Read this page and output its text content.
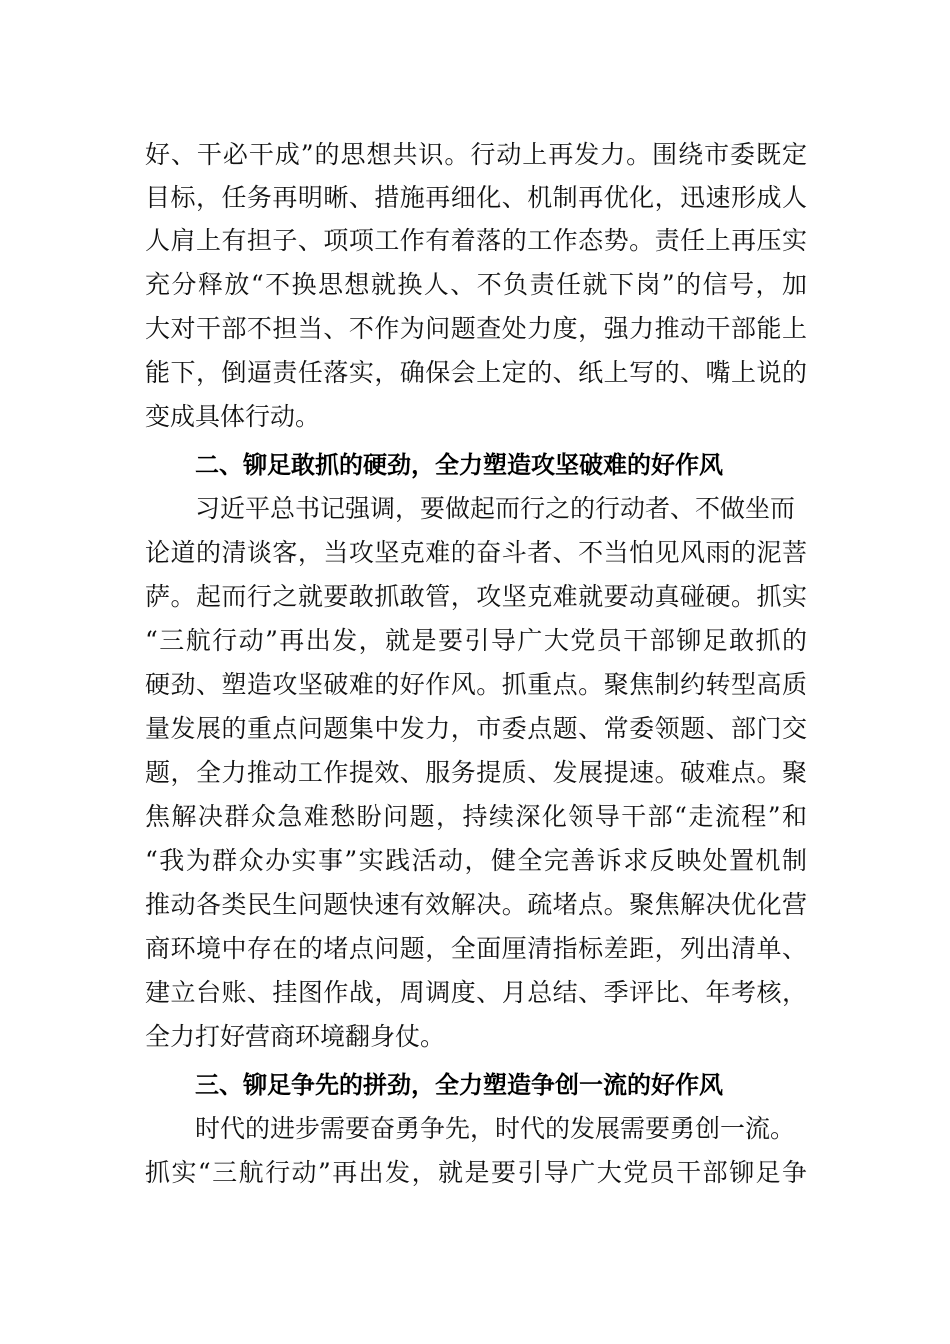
好、干必干成”的思想共识。行动上再发力。围绕市委既定
目标，任务再明晰、措施再细化、机制再优化，迅速形成人
人肩上有担子、项项工作有着落的工作态势。责任上再压实
充分释放“不换思想就换人、不负责任就下岗”的信号，加
大对干部不担当、不作为问题查处力度，强力推动干部能上
能下，倒逼责任落实，确保会上定的、纸上写的、嘴上说的
变成具体行动。
二、铆足敢抓的硬劲，全力塑造攻坚破难的好作风
习近平总书记强调，要做起而行之的行动者、不做坐而
论道的清谈客，当攻坚克难的奋斗者、不当怕见风雨的泥菩
萨。起而行之就要敢抓敢管，攻坚克难就要动真碰硬。抓实
“三航行动”再出发，就是要引导广大党员干部铆足敢抓的
硬劲、塑造攻坚破难的好作风。抓重点。聚焦制约转型高质
量发展的重点问题集中发力，市委点题、常委领题、部门交
题，全力推动工作提效、服务提质、发展提速。破难点。聚
焦解决群众急难愁盼问题，持续深化领导干部“走流程”和
“我为群众办实事”实践活动，健全完善诉求反映处置机制
推动各类民生问题快速有效解决。疏堵点。聚焦解决优化营
商环境中存在的堵点问题，全面厘清指标差距，列出清单、
建立台账、挂图作战，周调度、月总结、季评比、年考核，
全力打好营商环境翻身仗。
三、铆足争先的拼劲，全力塑造争创一流的好作风
时代的进步需要奋勇争先，时代的发展需要勇创一流。
抓实“三航行动”再出发，就是要引导广大党员干部铆足争
